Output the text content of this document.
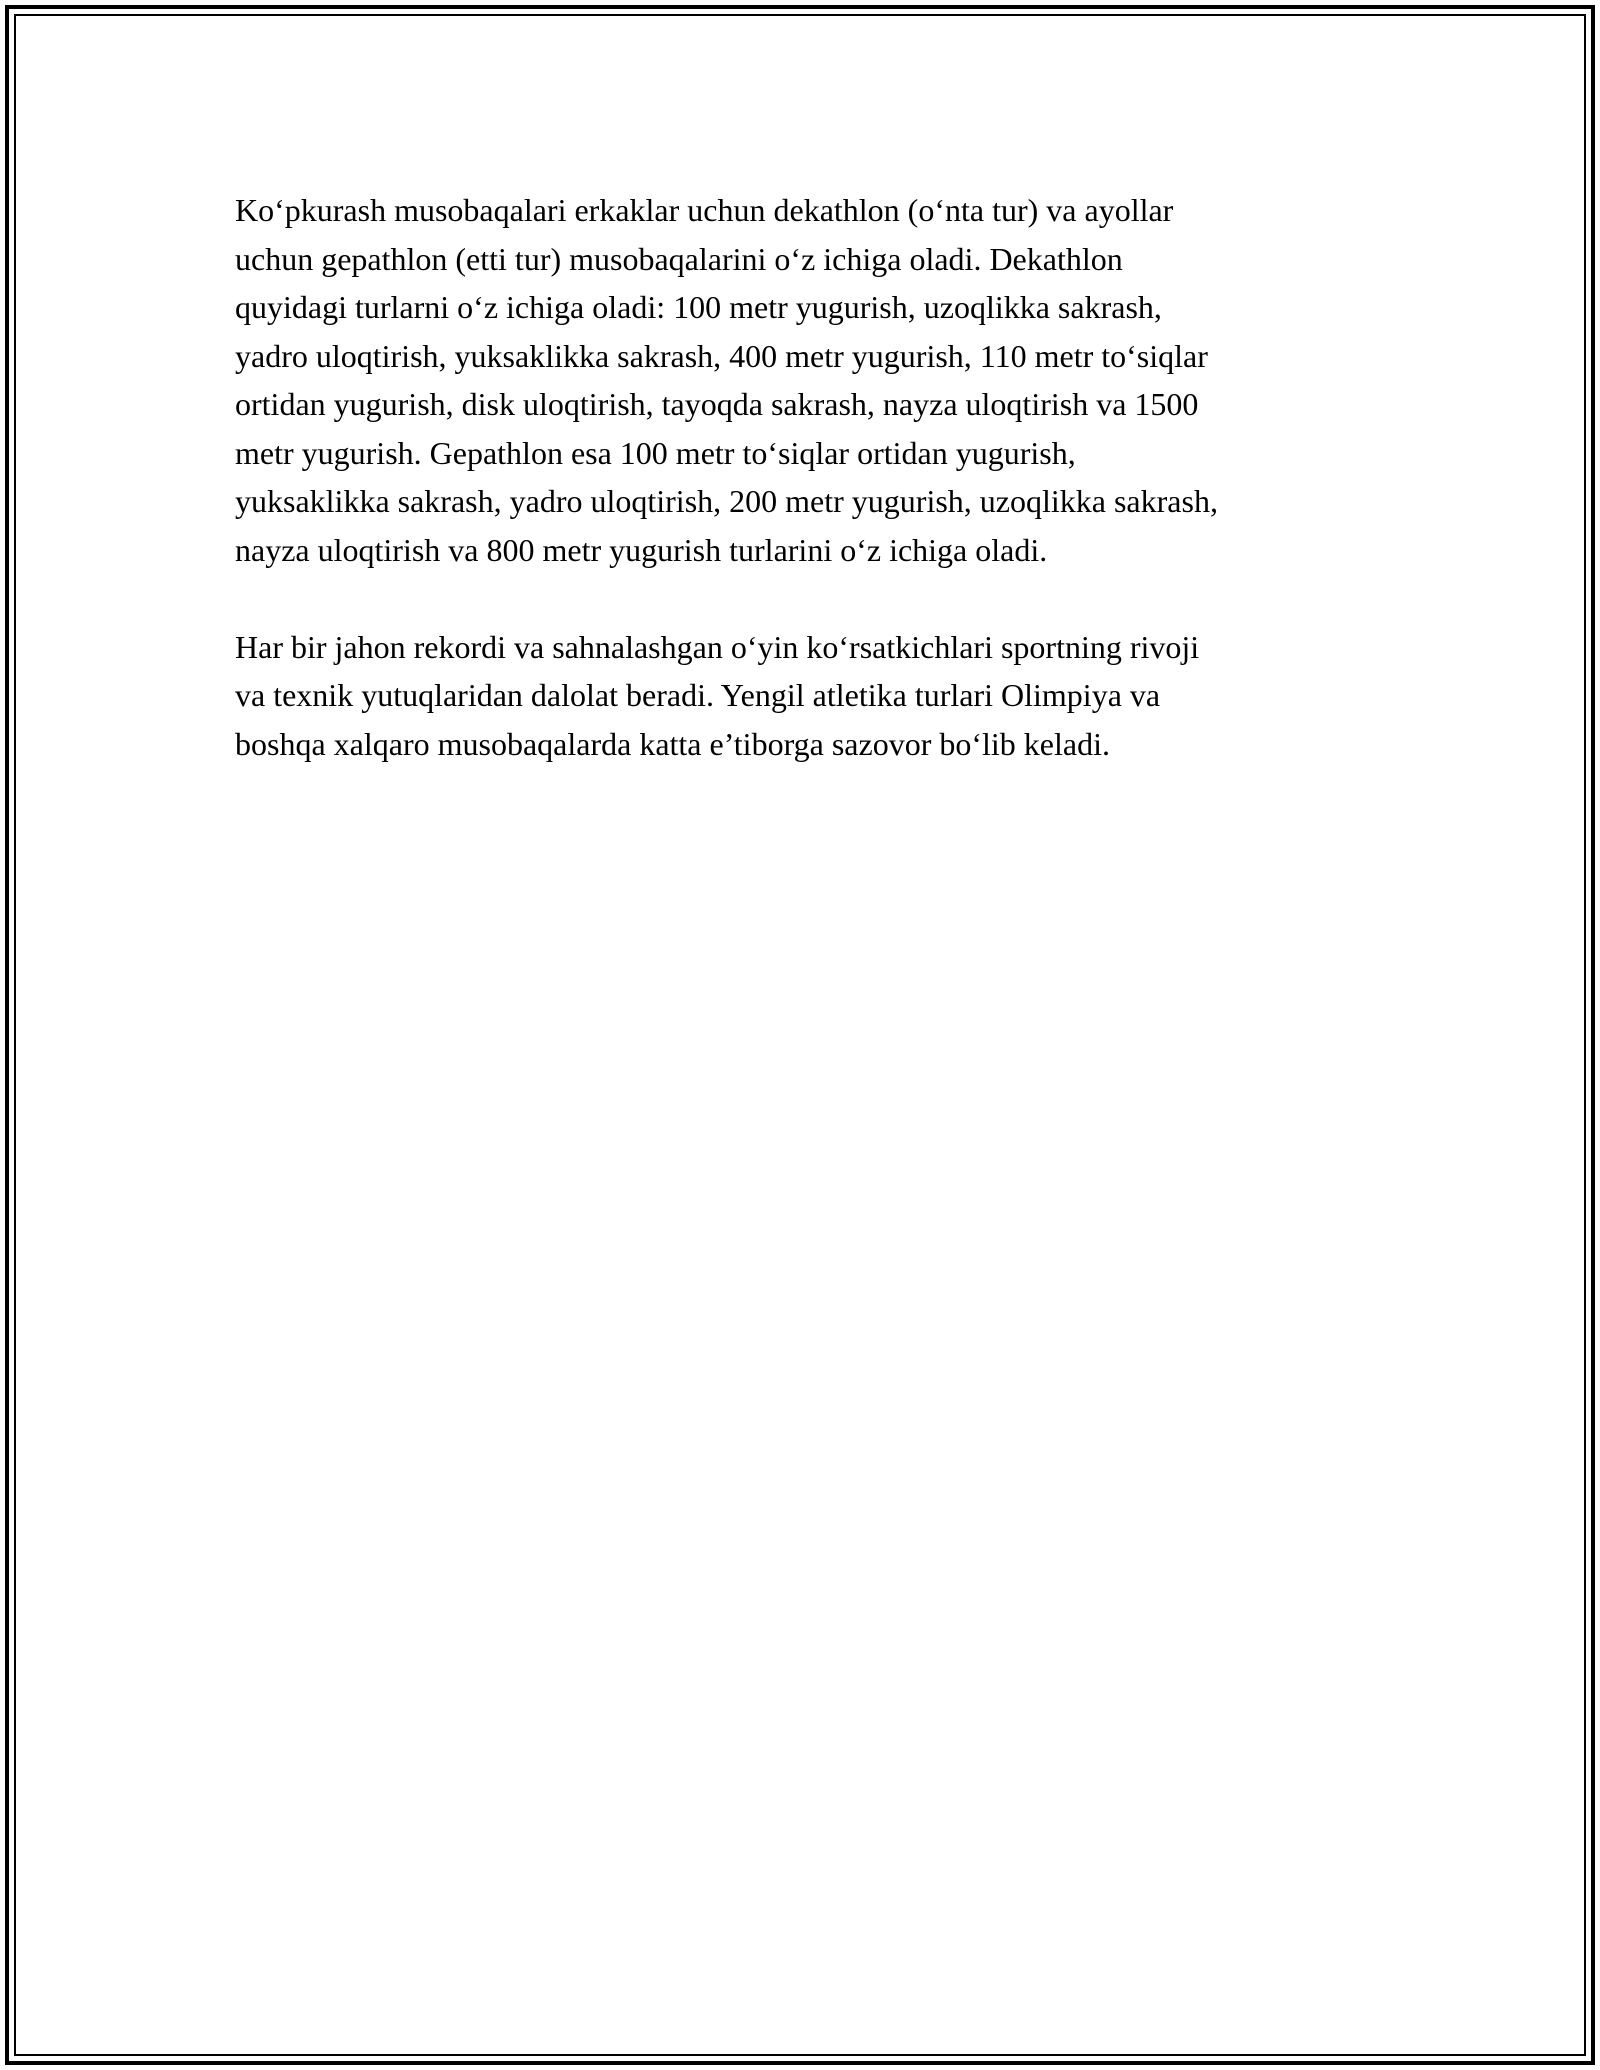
Ko‘pkurash musobaqalari erkaklar uchun dekathlon (o‘nta tur) va ayollar
uchun gepathlon (etti tur) musobaqalarini o‘z ichiga oladi. Dekathlon
quyidagi turlarni o‘z ichiga oladi: 100 metr yugurish, uzoqlikka sakrash,
yadro uloqtirish, yuksaklikka sakrash, 400 metr yugurish, 110 metr to‘siqlar
ortidan yugurish, disk uloqtirish, tayoqda sakrash, nayza uloqtirish va 1500
metr yugurish. Gepathlon esa 100 metr to‘siqlar ortidan yugurish,
yuksaklikka sakrash, yadro uloqtirish, 200 metr yugurish, uzoqlikka sakrash,
nayza uloqtirish va 800 metr yugurish turlarini o‘z ichiga oladi.

Har bir jahon rekordi va sahnalashgan o‘yin ko‘rsatkichlari sportning rivoji
va texnik yutuqlaridan dalolat beradi. Yengil atletika turlari Olimpiya va
boshqa xalqaro musobaqalarda katta e’tiborga sazovor bo‘lib keladi.
